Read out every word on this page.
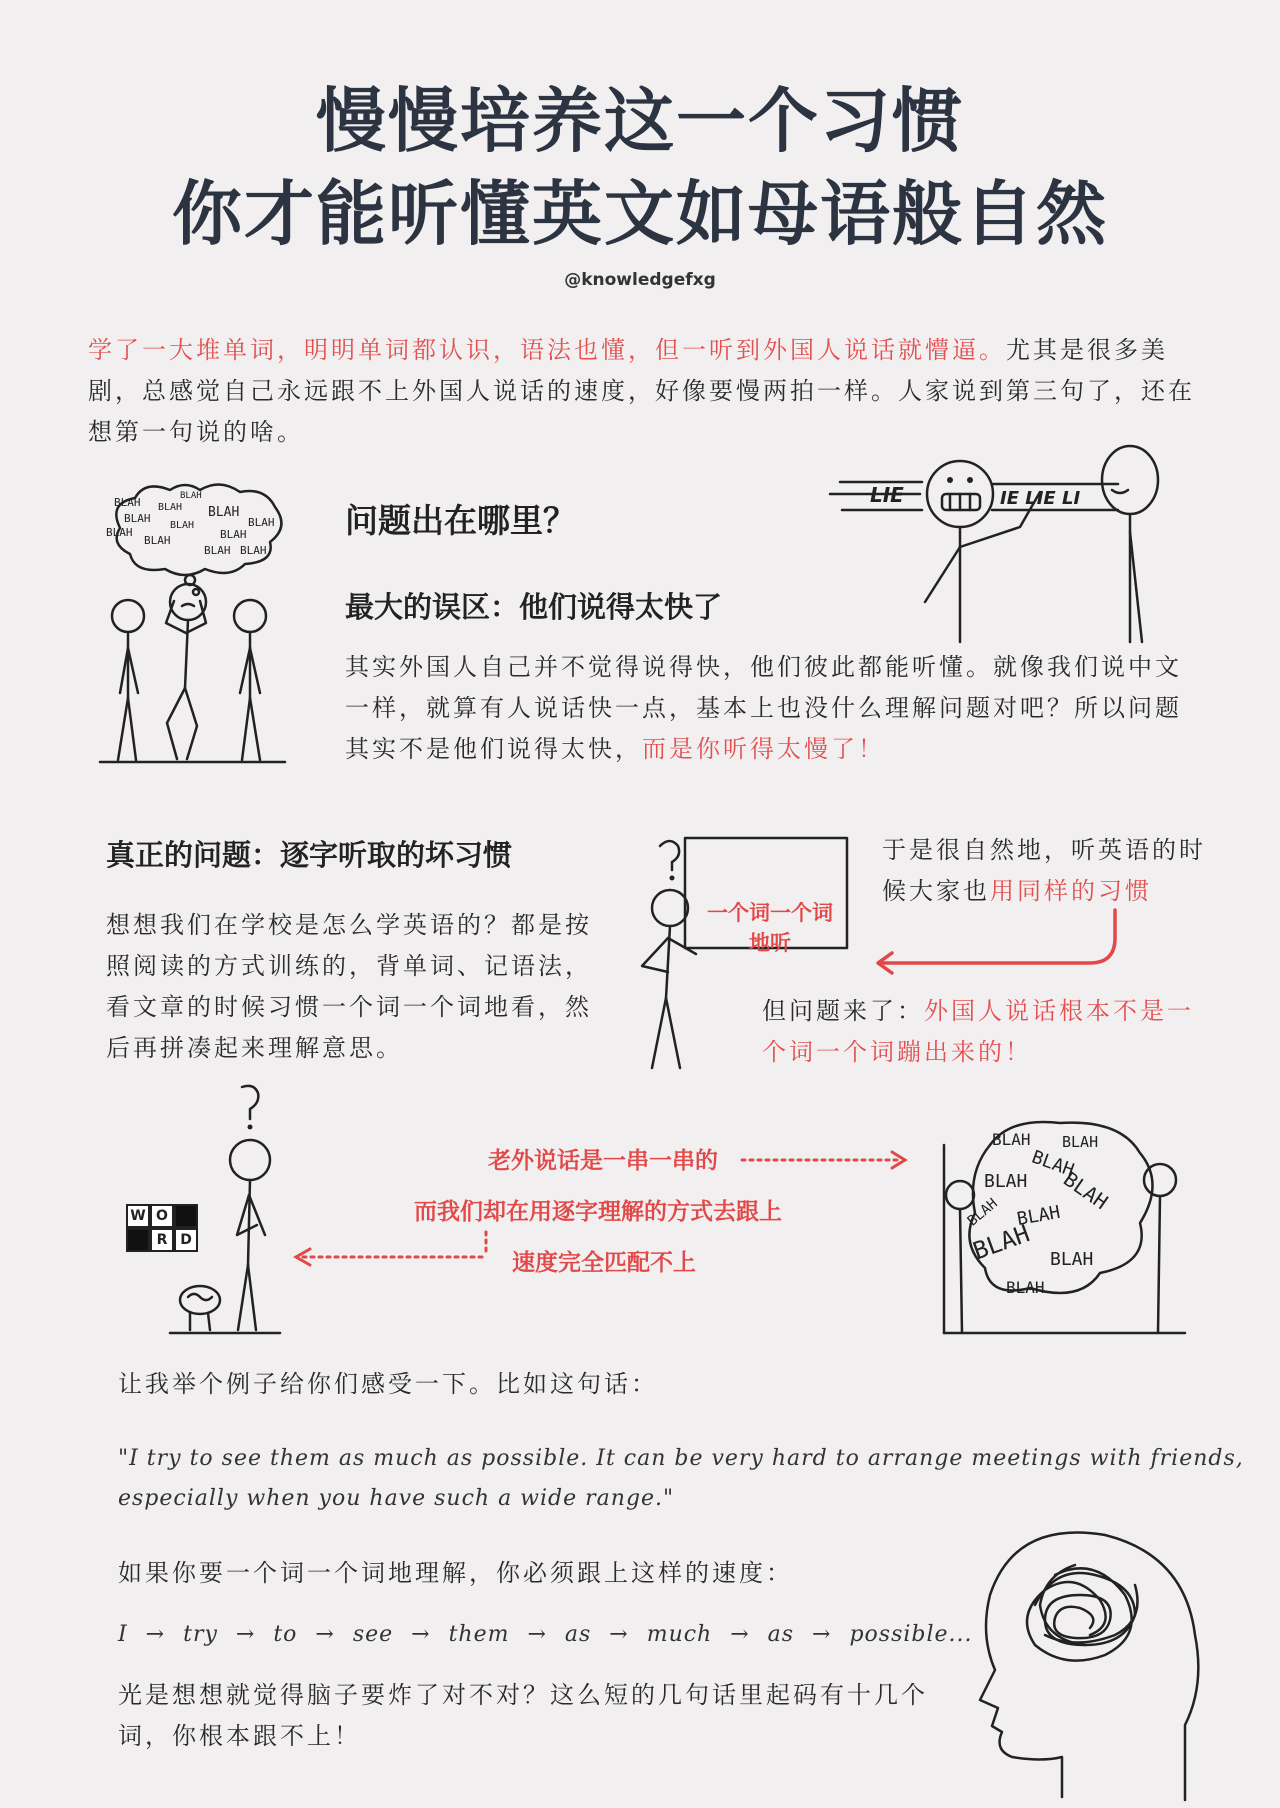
慢慢培养这一个习惯
你才能听懂英文如母语般自然
@knowledgefxg
学了一大堆单词，明明单词都认识，语法也懂，但一听到外国人说话就懵逼。尤其是很多美剧，总感觉自己永远跟不上外国人说话的速度，好像要慢两拍一样。人家说到第三句了，还在想第一句说的啥。
BLAH BLAH
BLAH
BLAH
BLAH
BLAH
BLAH
BLAH
BLAH
BLAH BLAH
BLAH
问题出在哪里？
最大的误区：他们说得太快了
LIE	IE LIE LI
其实外国人自己并不觉得说得快，他们彼此都能听懂。就像我们说中文一样，就算有人说话快一点，基本上也没什么理解问题对吧？所以问题其实不是他们说得太快，而是你听得太慢了！
真正的问题：逐字听取的坏习惯
想想我们在学校是怎么学英语的？都是按照阅读的方式训练的，背单词、记语法，看文章的时候习惯一个词一个词地看，然后再拼凑起来理解意思。
一个词一个词
地听
于是很自然地，听英语的时候大家也用同样的习惯
但问题来了：外国人说话根本不是一个词一个词蹦出来的！
W O
R D
老外说话是一串一串的
而我们却在用逐字理解的方式去跟上
速度完全匹配不上
BLAH BLAH
BLAH
BLAH BLAH
BLAH BLAH
BLAH BLAH
BLAH
让我举个例子给你们感受一下。比如这句话：
"I try to see them as much as possible. It can be very hard to arrange meetings with friends,
especially when you have such a wide range."
如果你要一个词一个词地理解，你必须跟上这样的速度：
I → try → to → see → them → as → much → as → possible...
光是想想就觉得脑子要炸了对不对？这么短的几句话里起码有十几个词，你根本跟不上！
